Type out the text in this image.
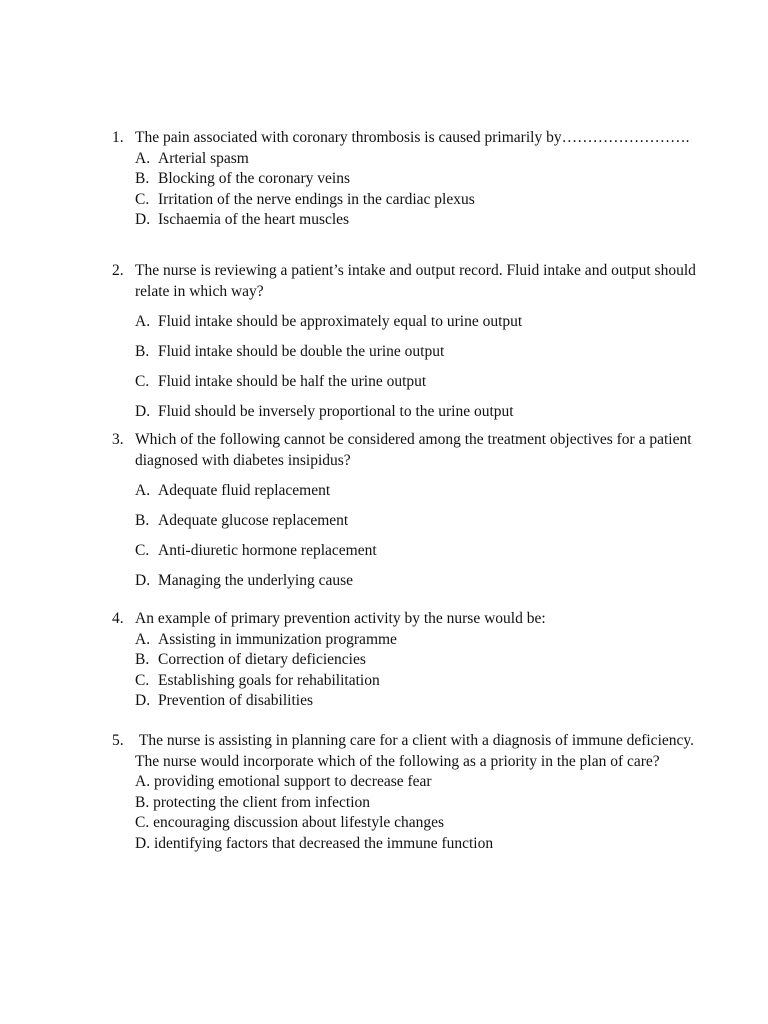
1. The pain associated with coronary thrombosis is caused primarily by…………………….
A. Arterial spasm
B. Blocking of the coronary veins
C. Irritation of the nerve endings in the cardiac plexus
D. Ischaemia of the heart muscles
2. The nurse is reviewing a patient’s intake and output record. Fluid intake and output should relate in which way?
A. Fluid intake should be approximately equal to urine output
B. Fluid intake should be double the urine output
C. Fluid intake should be half the urine output
D. Fluid should be inversely proportional to the urine output
3. Which of the following cannot be considered among the treatment objectives for a patient diagnosed with diabetes insipidus?
A. Adequate fluid replacement
B. Adequate glucose replacement
C. Anti-diuretic hormone replacement
D. Managing the underlying cause
4. An example of primary prevention activity by the nurse would be:
A. Assisting in immunization programme
B. Correction of dietary deficiencies
C. Establishing goals for rehabilitation
D. Prevention of disabilities
5. The nurse is assisting in planning care for a client with a diagnosis of immune deficiency. The nurse would incorporate which of the following as a priority in the plan of care?
A. providing emotional support to decrease fear
B. protecting the client from infection
C. encouraging discussion about lifestyle changes
D. identifying factors that decreased the immune function
